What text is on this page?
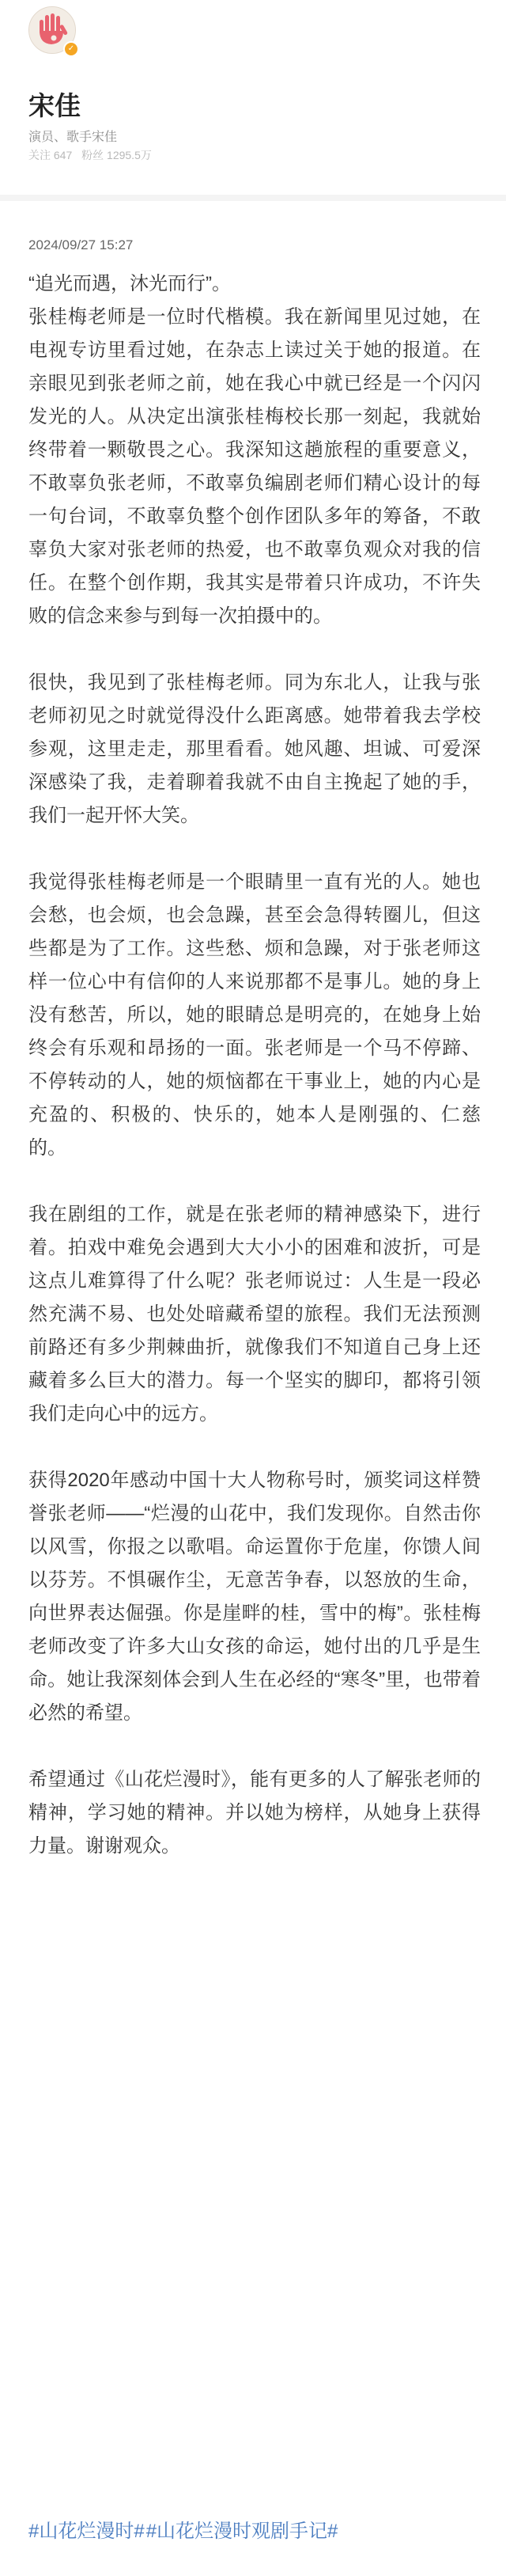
✓
宋佳
演员、歌手宋佳
关注 647 粉丝 1295.5万
2024/09/27 15:27

“追光而遇，沐光而行”。

张桂梅老师是一位时代楷模。我在新闻里见过她，在电视专访里看过她，在杂志上读过关于她的报道。在亲眼见到张老师之前，她在我心中就已经是一个闪闪发光的人。从决定出演张桂梅校长那一刻起，我就始终带着一颗敬畏之心。我深知这趟旅程的重要意义，不敢辜负张老师，不敢辜负编剧老师们精心设计的每一句台词，不敢辜负整个创作团队多年的筹备，不敢辜负大家对张老师的热爱，也不敢辜负观众对我的信任。在整个创作期，我其实是带着只许成功，不许失败的信念来参与到每一次拍摄中的。

很快，我见到了张桂梅老师。同为东北人，让我与张老师初见之时就觉得没什么距离感。她带着我去学校参观，这里走走，那里看看。她风趣、坦诚、可爱深深感染了我，走着聊着我就不由自主挽起了她的手，我们一起开怀大笑。

我觉得张桂梅老师是一个眼睛里一直有光的人。她也会愁，也会烦，也会急躁，甚至会急得转圈儿，但这些都是为了工作。这些愁、烦和急躁，对于张老师这样一位心中有信仰的人来说那都不是事儿。她的身上没有愁苦，所以，她的眼睛总是明亮的，在她身上始终会有乐观和昂扬的一面。张老师是一个马不停蹄、不停转动的人，她的烦恼都在干事业上，她的内心是充盈的、积极的、快乐的，她本人是刚强的、仁慈的。

我在剧组的工作，就是在张老师的精神感染下，进行着。拍戏中难免会遇到大大小小的困难和波折，可是这点儿难算得了什么呢？张老师说过：人生是一段必然充满不易、也处处暗藏希望的旅程。我们无法预测前路还有多少荆棘曲折，就像我们不知道自己身上还藏着多么巨大的潜力。每一个坚实的脚印，都将引领我们走向心中的远方。

获得2020年感动中国十大人物称号时，颁奖词这样赞誉张老师——“烂漫的山花中，我们发现你。自然击你以风雪，你报之以歌唱。命运置你于危崖，你馈人间以芬芳。不惧碾作尘，无意苦争春，以怒放的生命，向世界表达倔强。你是崖畔的桂，雪中的梅”。张桂梅老师改变了许多大山女孩的命运，她付出的几乎是生命。她让我深刻体会到人生在必经的“寒冬”里，也带着必然的希望。

希望通过《山花烂漫时》，能有更多的人了解张老师的精神，学习她的精神。并以她为榜样，从她身上获得力量。谢谢观众。

#山花烂漫时##山花烂漫时观剧手记#
